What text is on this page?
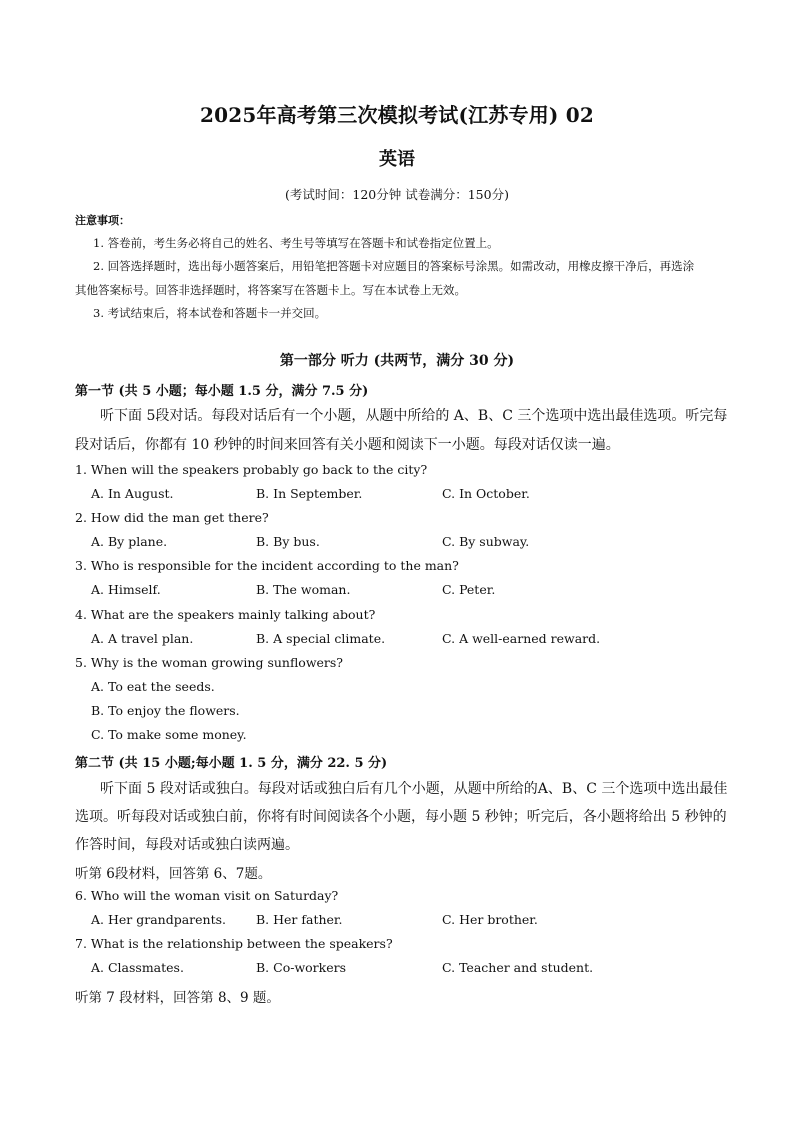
2025年高考第三次模拟考试(江苏专用) 02
英语
(考试时间：120分钟 试卷满分：150分)
注意事项：
1. 答卷前，考生务必将自己的姓名、考生号等填写在答题卡和试卷指定位置上。
2. 回答选择题时，选出每小题答案后，用铅笔把答题卡对应题目的答案标号涂黑。如需改动，用橡皮擦干净后，再选涂
其他答案标号。回答非选择题时，将答案写在答题卡上。写在本试卷上无效。
3. 考试结束后，将本试卷和答题卡一并交回。
第一部分 听力 (共两节，满分 30 分)
第一节 (共 5 小题；每小题 1.5 分，满分 7.5 分)
听下面 5段对话。每段对话后有一个小题，从题中所给的 A、B、C 三个选项中选出最佳选项。听完每
段对话后，你都有 10 秒钟的时间来回答有关小题和阅读下一小题。每段对话仅读一遍。
1. When will the speakers probably go back to the city?
A. In August.	B. In September.	C. In October.
2. How did the man get there?
A. By plane.	B. By bus.	C. By subway.
3. Who is responsible for the incident according to the man?
A. Himself.	B. The woman.	C. Peter.
4. What are the speakers mainly talking about?
A. A travel plan.	B. A special climate.	C. A well-earned reward.
5. Why is the woman growing sunflowers?
A. To eat the seeds.
B. To enjoy the flowers.
C. To make some money.
第二节 (共 15 小题;每小题 1. 5 分，满分 22. 5 分)
听下面 5 段对话或独白。每段对话或独白后有几个小题，从题中所给的A、B、C 三个选项中选出最佳
选项。听每段对话或独白前，你将有时间阅读各个小题，每小题 5 秒钟；听完后，各小题将给出 5 秒钟的
作答时间，每段对话或独白读两遍。
听第 6段材料，回答第 6、7题。
6. Who will the woman visit on Saturday?
A. Her grandparents. B. Her father.	C. Her brother.
7. What is the relationship between the speakers?
A. Classmates.	B. Co-workers	C. Teacher and student.
听第 7 段材料，回答第 8、9 题。
